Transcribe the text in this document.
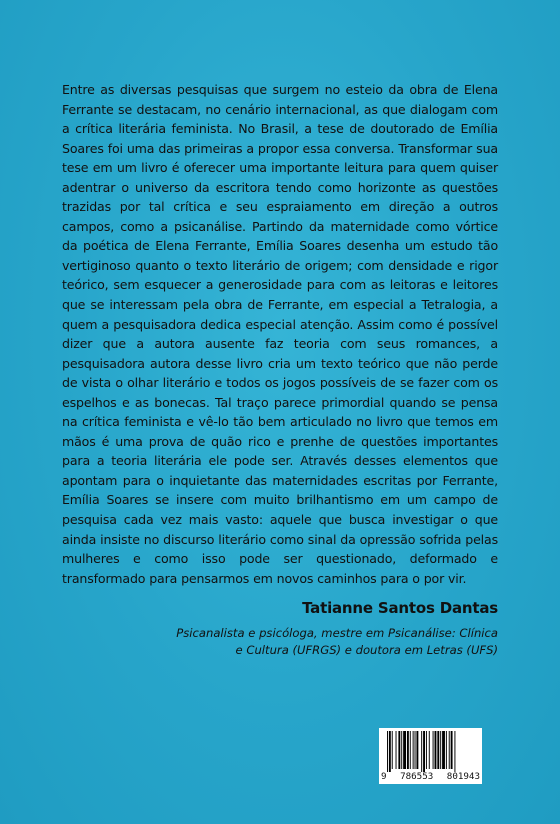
Entre as diversas pesquisas que surgem no esteio da obra de Elena Ferrante se destacam, no cenário internacional, as que dialogam com a crítica literária feminista. No Brasil, a tese de doutorado de Emília Soares foi uma das primeiras a propor essa conversa. Transformar sua tese em um livro é oferecer uma importante leitura para quem quiser adentrar o universo da escritora tendo como horizonte as questões trazidas por tal crítica e seu espraiamento em direção a outros campos, como a psicanálise. Partindo da maternidade como vórtice da poética de Elena Ferrante, Emília Soares desenha um estudo tão vertiginoso quanto o texto literário de origem; com densidade e rigor teórico, sem esquecer a generosidade para com as leitoras e leitores que se interessam pela obra de Ferrante, em especial a Tetralogia, a quem a pesquisadora dedica especial atenção. Assim como é possível dizer que a autora ausente faz teoria com seus romances, a pesquisadora autora desse livro cria um texto teórico que não perde de vista o olhar literário e todos os jogos possíveis de se fazer com os espelhos e as bonecas. Tal traço parece primordial quando se pensa na crítica feminista e vê-lo tão bem articulado no livro que temos em mãos é uma prova de quão rico e prenhe de questões importantes para a teoria literária ele pode ser. Através desses elementos que apontam para o inquietante das maternidades escritas por Ferrante, Emília Soares se insere com muito brilhantismo em um campo de pesquisa cada vez mais vasto: aquele que busca investigar o que ainda insiste no discurso literário como sinal da opressão sofrida pelas mulheres e como isso pode ser questionado, deformado e transformado para pensarmos em novos caminhos para o por vir.

Tatianne Santos Dantas
Psicanalista e psicóloga, mestre em Psicanálise: Clínica
e Cultura (UFRGS) e doutora em Letras (UFS)
9 786553 801943
